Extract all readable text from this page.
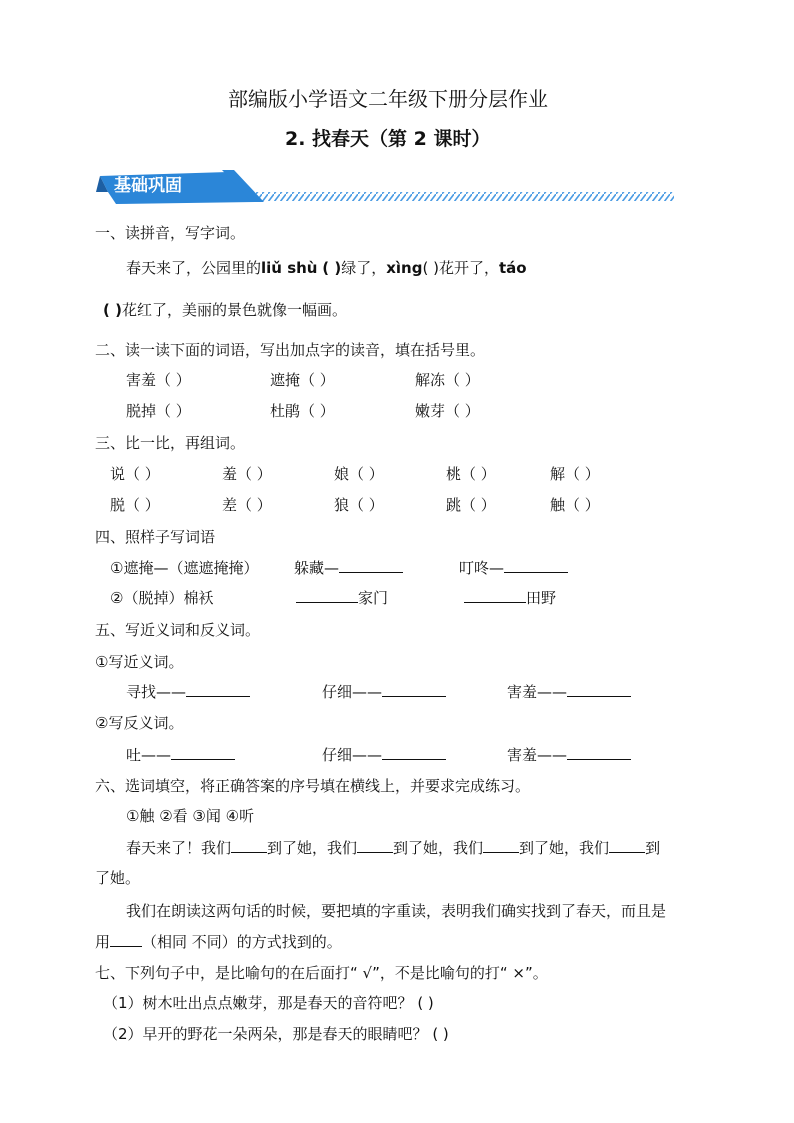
部编版小学语文二年级下册分层作业
2. 找春天（第 2 课时）
基础巩固
一、读拼音，写字词。
春天来了，公园里的liǔ shù ( )绿了，xìng( )花开了，táo
( )花红了，美丽的景色就像一幅画。
二、读一读下面的词语，写出加点字的读音，填在括号里。
害羞（ ）	遮掩（ ）	解冻（ ）
脱掉（ ）	杜鹃（ ）	嫩芽（ ）
三、比一比，再组词。
说（ ）	羞（ ）	娘（ ）	桃（ ）	解（ ）
脱（ ）	差（ ）	狼（ ）	跳（ ）	触（ ）
四、照样子写词语
①遮掩—（遮遮掩掩） 躲藏—	叮咚—
②（脱掉）棉袄	家门	田野
五、写近义词和反义词。
①写近义词。
寻找——	仔细——	害羞——
②写反义词。
吐——	仔细——	害羞——
六、选词填空，将正确答案的序号填在横线上，并要求完成练习。
①触 ②看 ③闻 ④听
春天来了！我们 到了她，我们 到了她，我们 到了她，我们 到
了她。
我们在朗读这两句话的时候，要把填的字重读，表明我们确实找到了春天，而且是
用 （相同 不同）的方式找到的。
七、下列句子中，是比喻句的在后面打“ √”，不是比喻句的打“ ×”。
（1）树木吐出点点嫩芽，那是春天的音符吧？ ( )
（2）早开的野花一朵两朵，那是春天的眼睛吧？ ( )
